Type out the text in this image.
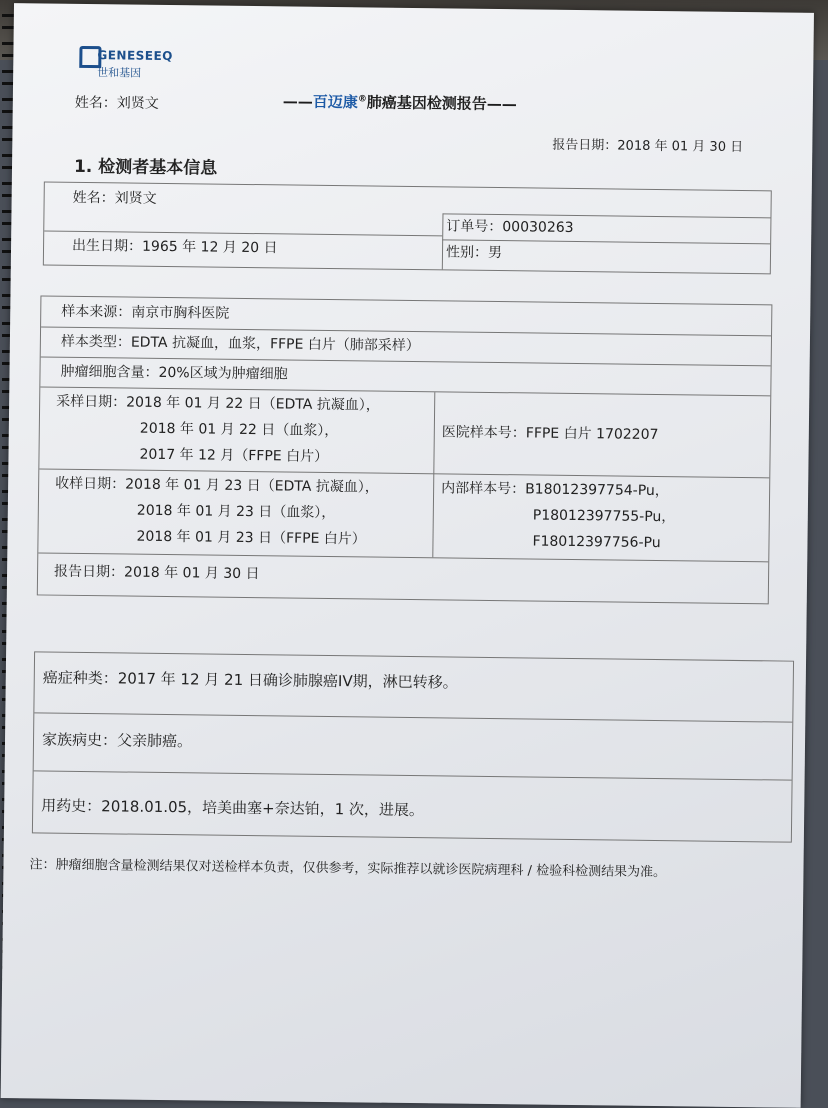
GENESEEQ
世和基因
姓名：刘贤文	——百迈康®肺癌基因检测报告——
报告日期：2018 年 01 月 30 日
1. 检测者基本信息
姓名：刘贤文
订单号：00030263
出生日期：1965 年 12 月 20 日	性别：男
样本来源：南京市胸科医院
样本类型：EDTA 抗凝血，血浆，FFPE 白片（肺部采样）
肿瘤细胞含量：20%区域为肿瘤细胞
采样日期：2018 年 01 月 22 日（EDTA 抗凝血），
2018 年 01 月 22 日（血浆），
2017 年 12 月（FFPE 白片）
医院样本号：FFPE 白片 1702207
收样日期：2018 年 01 月 23 日（EDTA 抗凝血），
2018 年 01 月 23 日（血浆），
2018 年 01 月 23 日（FFPE 白片）
内部样本号：B18012397754-Pu，
P18012397755-Pu，
F18012397756-Pu
报告日期：2018 年 01 月 30 日
癌症种类：2017 年 12 月 21 日确诊肺腺癌IV期，淋巴转移。
家族病史：父亲肺癌。
用药史：2018.01.05，培美曲塞+奈达铂，1 次，进展。
注：肿瘤细胞含量检测结果仅对送检样本负责，仅供参考，实际推荐以就诊医院病理科 / 检验科检测结果为准。
